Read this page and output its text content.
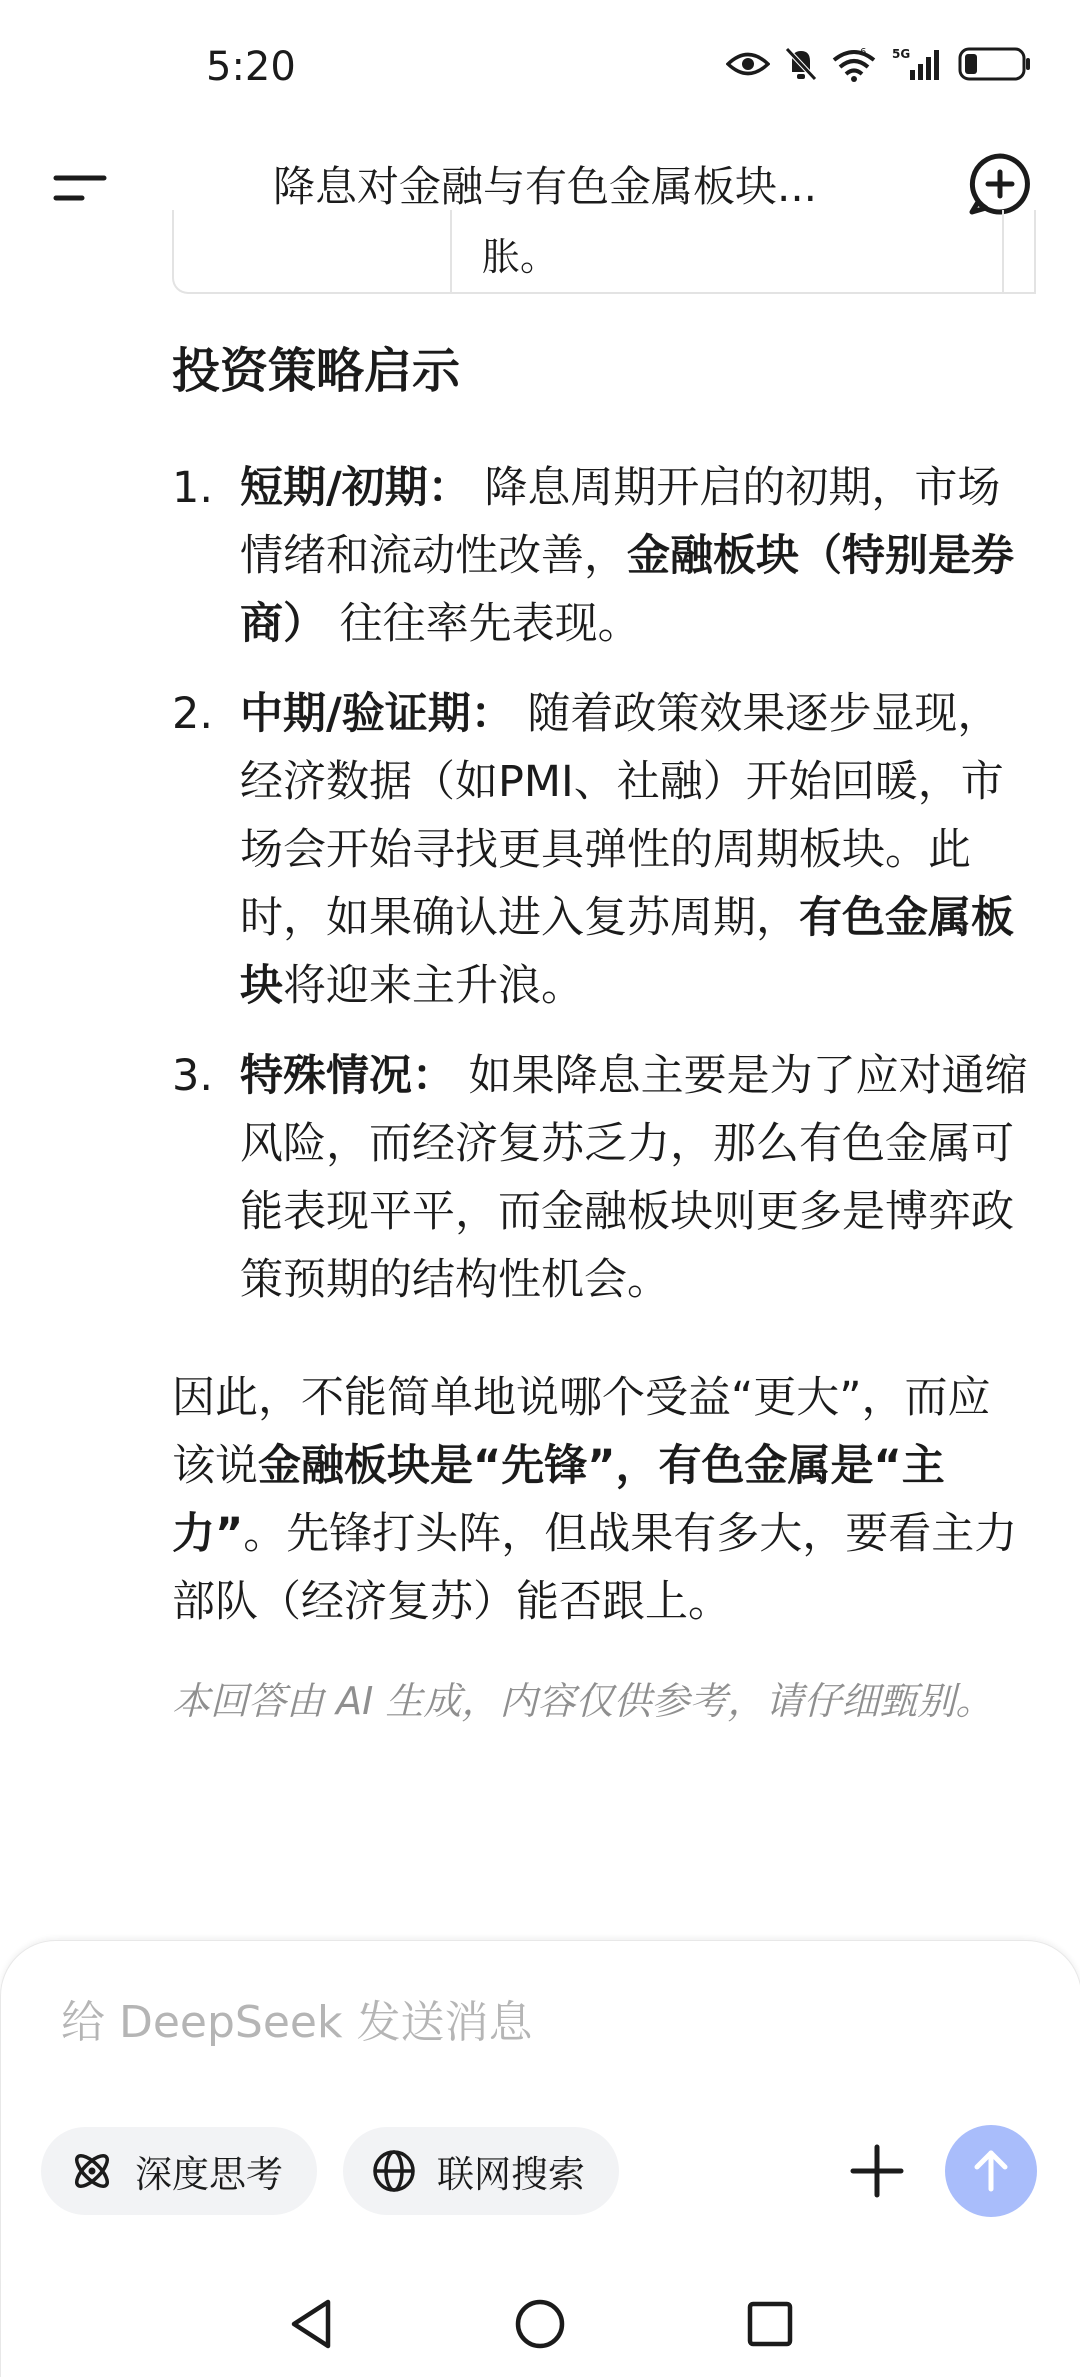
5:20	6 5G
降息对金融与有色金属板块...
胀。
投资策略启示
1. 短期/初期： 降息周期开启的初期，市场情绪和流动性改善，金融板块（特别是券商） 往往率先表现。
2. 中期/验证期： 随着政策效果逐步显现，经济数据（如PMI、社融）开始回暖，市场会开始寻找更具弹性的周期板块。此时，如果确认进入复苏周期，有色金属板块将迎来主升浪。
3. 特殊情况： 如果降息主要是为了应对通缩风险，而经济复苏乏力，那么有色金属可能表现平平，而金融板块则更多是博弈政策预期的结构性机会。
因此，不能简单地说哪个受益“更大”，而应该说金融板块是“先锋”，有色金属是“主力”。先锋打头阵，但战果有多大，要看主力部队（经济复苏）能否跟上。
本回答由 AI 生成，内容仅供参考，请仔细甄别。
给 DeepSeek 发送消息
深度思考	联网搜索
